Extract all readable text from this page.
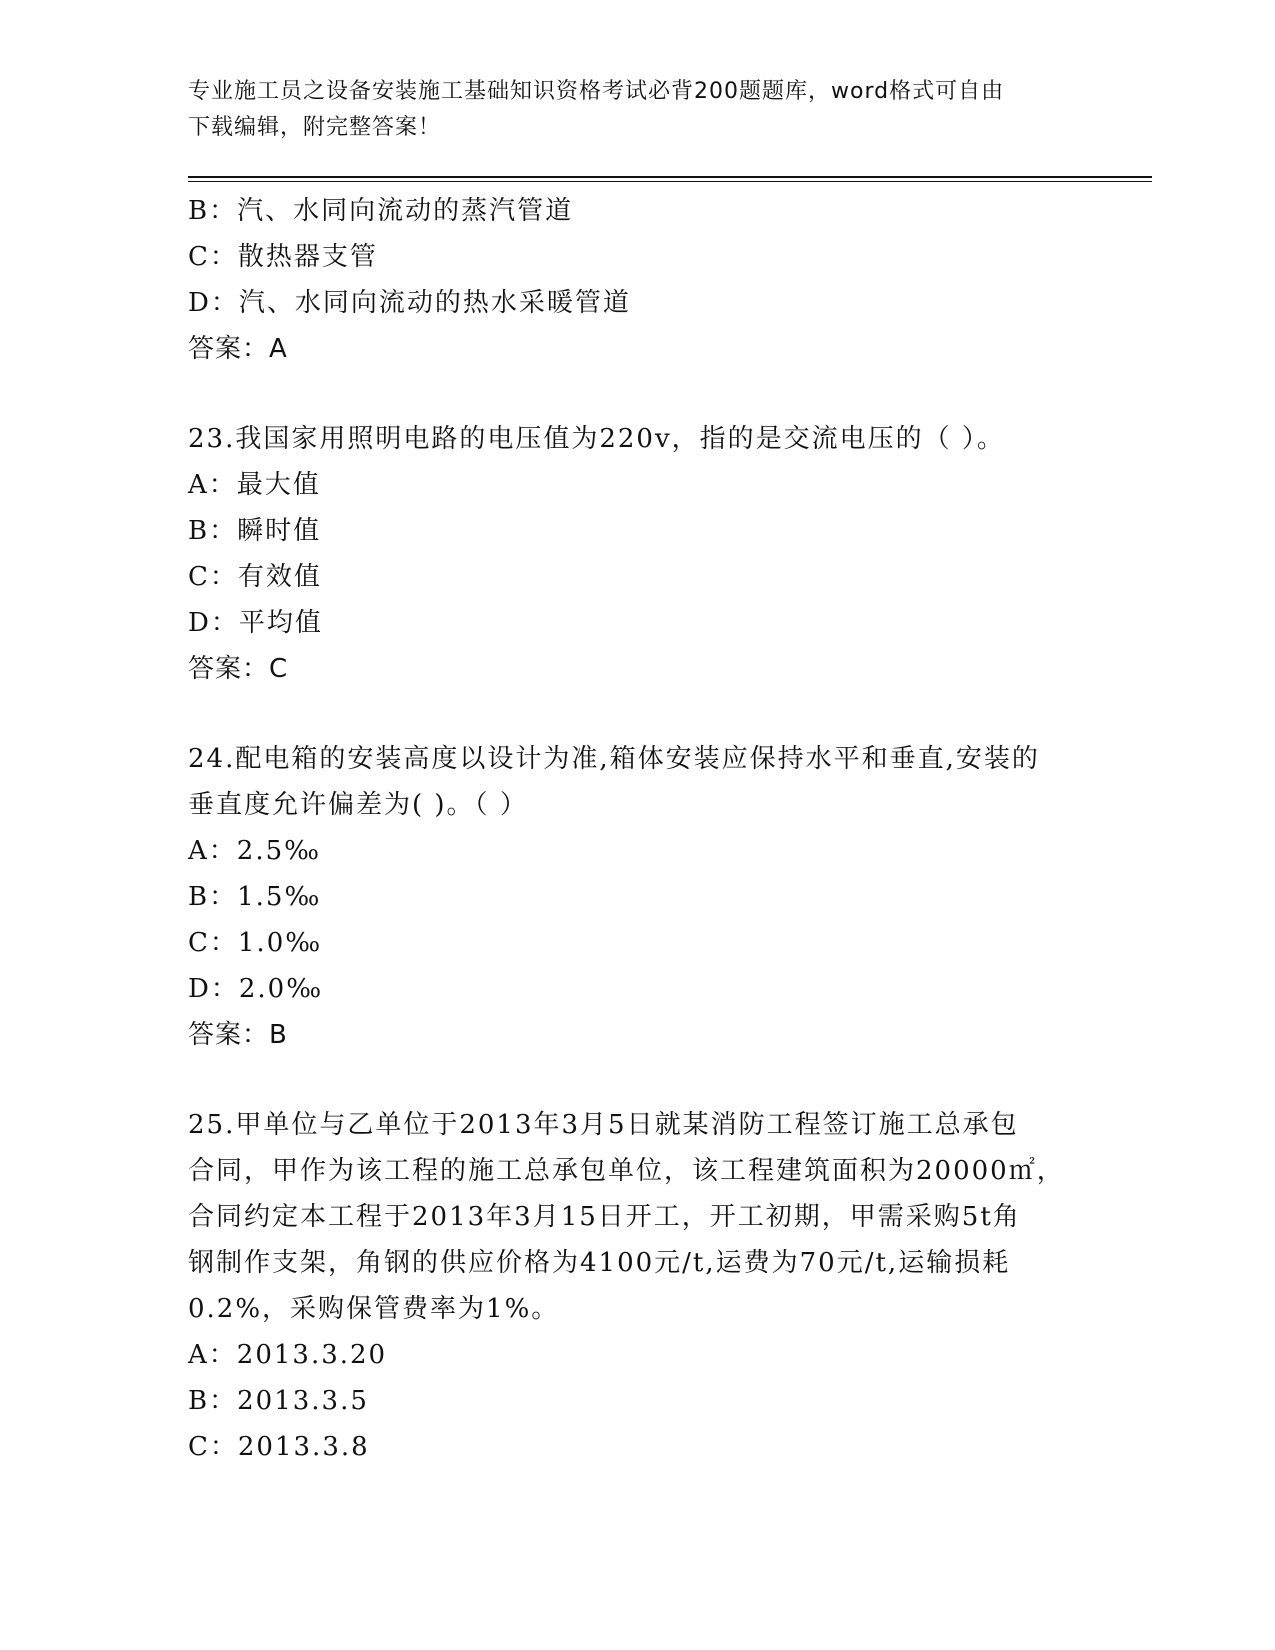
专业施工员之设备安装施工基础知识资格考试必背200题题库，word格式可自由
下载编辑，附完整答案！
B：汽、水同向流动的蒸汽管道
C：散热器支管
D：汽、水同向流动的热水采暖管道
答案：A
23.我国家用照明电路的电压值为220v，指的是交流电压的（ ）。
A：最大值
B：瞬时值
C：有效值
D：平均值
答案：C
24.配电箱的安装高度以设计为准,箱体安装应保持水平和垂直,安装的
垂直度允许偏差为( )。（ ）
A：2.5‰
B：1.5‰
C：1.0‰
D：2.0‰
答案：B
25.甲单位与乙单位于2013年3月5日就某消防工程签订施工总承包
合同，甲作为该工程的施工总承包单位，该工程建筑面积为20000㎡，
合同约定本工程于2013年3月15日开工，开工初期，甲需采购5t角
钢制作支架，角钢的供应价格为4100元/t,运费为70元/t,运输损耗
0.2%，采购保管费率为1%。
A：2013.3.20
B：2013.3.5
C：2013.3.8
